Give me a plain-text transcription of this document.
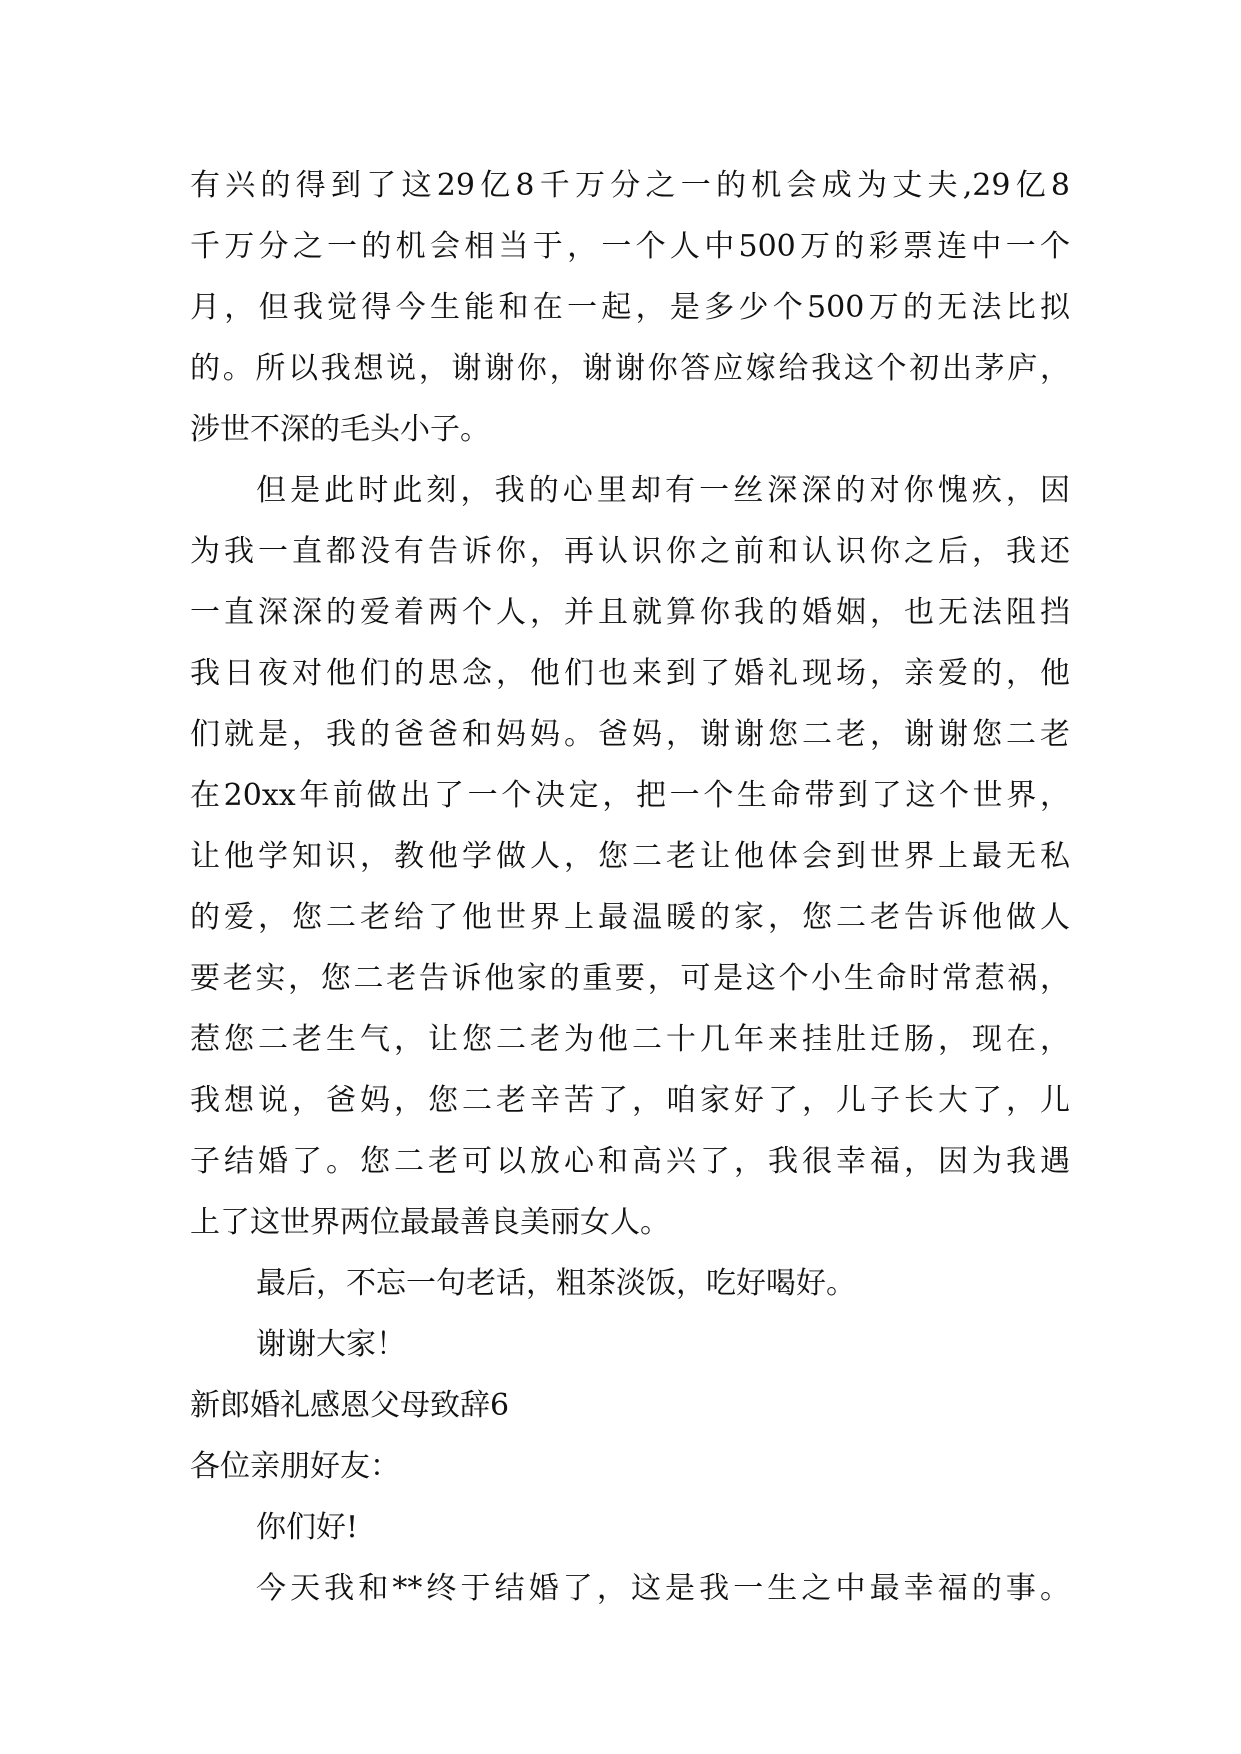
有兴的得到了这29亿8千万分之一的机会成为丈夫,29亿8
千万分之一的机会相当于，一个人中500万的彩票连中一个
月，但我觉得今生能和在一起，是多少个500万的无法比拟
的。所以我想说，谢谢你，谢谢你答应嫁给我这个初出茅庐，
涉世不深的毛头小子。
但是此时此刻，我的心里却有一丝深深的对你愧疚，因
为我一直都没有告诉你，再认识你之前和认识你之后，我还
一直深深的爱着两个人，并且就算你我的婚姻，也无法阻挡
我日夜对他们的思念，他们也来到了婚礼现场，亲爱的，他
们就是，我的爸爸和妈妈。爸妈，谢谢您二老，谢谢您二老
在20xx年前做出了一个决定，把一个生命带到了这个世界，
让他学知识，教他学做人，您二老让他体会到世界上最无私
的爱，您二老给了他世界上最温暖的家，您二老告诉他做人
要老实，您二老告诉他家的重要，可是这个小生命时常惹祸，
惹您二老生气，让您二老为他二十几年来挂肚迁肠，现在，
我想说，爸妈，您二老辛苦了，咱家好了，儿子长大了，儿
子结婚了。您二老可以放心和高兴了，我很幸福，因为我遇
上了这世界两位最最善良美丽女人。
最后，不忘一句老话，粗茶淡饭，吃好喝好。
谢谢大家！
新郎婚礼感恩父母致辞6
各位亲朋好友：
你们好!
今天我和**终于结婚了，这是我一生之中最幸福的事。
